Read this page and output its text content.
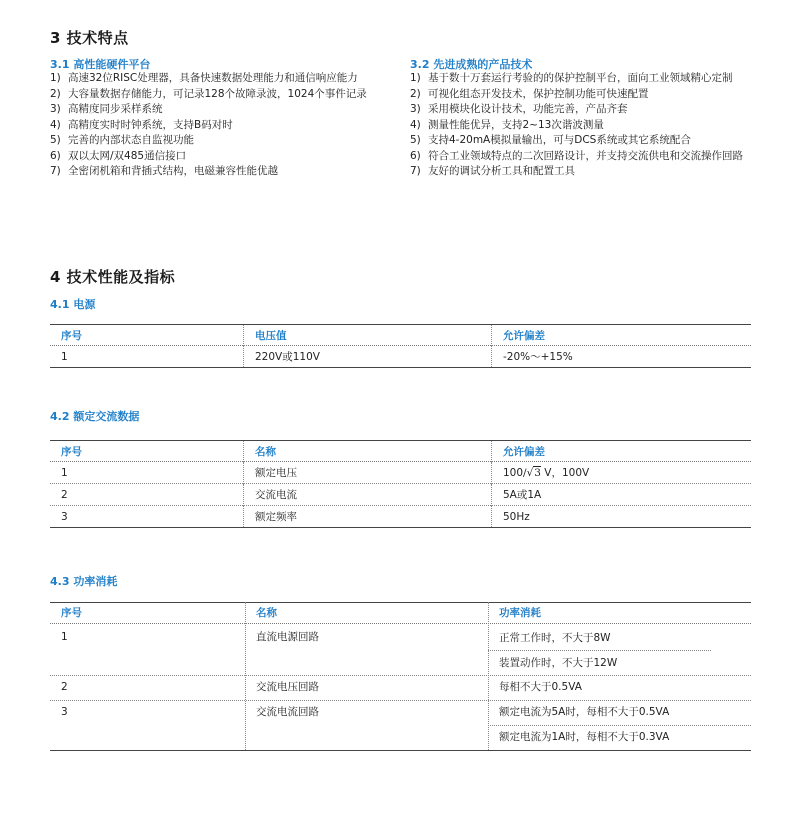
3 技术特点
3.1 高性能硬件平台
1) 高速32位RISC处理器，具备快速数据处理能力和通信响应能力
2) 大容量数据存储能力，可记录128个故障录波，1024个事件记录
3) 高精度同步采样系统
4) 高精度实时时钟系统，支持B码对时
5) 完善的内部状态自监视功能
6) 双以太网/双485通信接口
7) 全密闭机箱和背插式结构，电磁兼容性能优越
3.2 先进成熟的产品技术
1) 基于数十万套运行考验的的保护控制平台，面向工业领域精心定制
2) 可视化组态开发技术，保护控制功能可快速配置
3) 采用模块化设计技术，功能完善，产品齐套
4) 测量性能优异，支持2~13次谐波测量
5) 支持4-20mA模拟量输出，可与DCS系统或其它系统配合
6) 符合工业领域特点的二次回路设计，并支持交流供电和交流操作回路
7) 友好的调试分析工具和配置工具
4 技术性能及指标
4.1 电源
序号	电压值	允许偏差
1	220V或110V	-20%～+15%
4.2 额定交流数据
序号	名称	允许偏差
1	额定电压	100/√3 V，100V
2	交流电流	5A或1A
3	额定频率	50Hz
4.3 功率消耗
序号	名称	功率消耗
1	直流电源回路	正常工作时，不大于8W
装置动作时，不大于12W
2	交流电压回路	每相不大于0.5VA
3	交流电流回路	额定电流为5A时，每相不大于0.5VA
额定电流为1A时，每相不大于0.3VA
